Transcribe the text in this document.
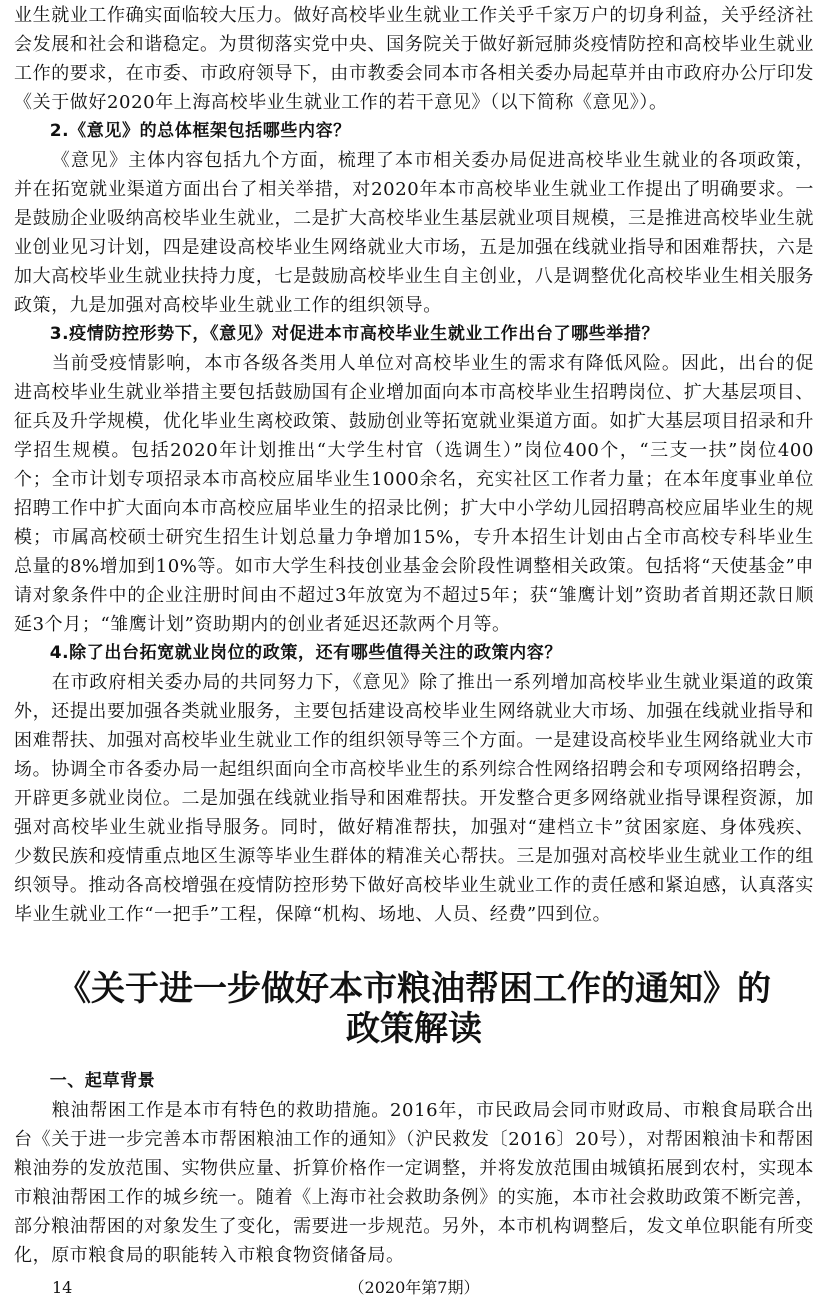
业生就业工作确实面临较大压力。做好高校毕业生就业工作关乎千家万户的切身利益，关乎经济社会发展和社会和谐稳定。为贯彻落实党中央、国务院关于做好新冠肺炎疫情防控和高校毕业生就业工作的要求，在市委、市政府领导下，由市教委会同本市各相关委办局起草并由市政府办公厅印发《关于做好2020年上海高校毕业生就业工作的若干意见》（以下简称《意见》）。

2.《意见》的总体框架包括哪些内容？

《意见》主体内容包括九个方面，梳理了本市相关委办局促进高校毕业生就业的各项政策，并在拓宽就业渠道方面出台了相关举措，对2020年本市高校毕业生就业工作提出了明确要求。一是鼓励企业吸纳高校毕业生就业，二是扩大高校毕业生基层就业项目规模，三是推进高校毕业生就业创业见习计划，四是建设高校毕业生网络就业大市场，五是加强在线就业指导和困难帮扶，六是加大高校毕业生就业扶持力度，七是鼓励高校毕业生自主创业，八是调整优化高校毕业生相关服务政策，九是加强对高校毕业生就业工作的组织领导。

3.疫情防控形势下，《意见》对促进本市高校毕业生就业工作出台了哪些举措？

当前受疫情影响，本市各级各类用人单位对高校毕业生的需求有降低风险。因此，出台的促进高校毕业生就业举措主要包括鼓励国有企业增加面向本市高校毕业生招聘岗位、扩大基层项目、征兵及升学规模，优化毕业生离校政策、鼓励创业等拓宽就业渠道方面。如扩大基层项目招录和升学招生规模。包括2020年计划推出“大学生村官（选调生）”岗位400个，“三支一扶”岗位400个；全市计划专项招录本市高校应届毕业生1000余名，充实社区工作者力量；在本年度事业单位招聘工作中扩大面向本市高校应届毕业生的招录比例；扩大中小学幼儿园招聘高校应届毕业生的规模；市属高校硕士研究生招生计划总量力争增加15%，专升本招生计划由占全市高校专科毕业生总量的8%增加到10%等。如市大学生科技创业基金会阶段性调整相关政策。包括将“天使基金”申请对象条件中的企业注册时间由不超过3年放宽为不超过5年；获“雏鹰计划”资助者首期还款日顺延3个月；“雏鹰计划”资助期内的创业者延迟还款两个月等。

4.除了出台拓宽就业岗位的政策，还有哪些值得关注的政策内容？

在市政府相关委办局的共同努力下，《意见》除了推出一系列增加高校毕业生就业渠道的政策外，还提出要加强各类就业服务，主要包括建设高校毕业生网络就业大市场、加强在线就业指导和困难帮扶、加强对高校毕业生就业工作的组织领导等三个方面。一是建设高校毕业生网络就业大市场。协调全市各委办局一起组织面向全市高校毕业生的系列综合性网络招聘会和专项网络招聘会，开辟更多就业岗位。二是加强在线就业指导和困难帮扶。开发整合更多网络就业指导课程资源，加强对高校毕业生就业指导服务。同时，做好精准帮扶，加强对“建档立卡”贫困家庭、身体残疾、少数民族和疫情重点地区生源等毕业生群体的精准关心帮扶。三是加强对高校毕业生就业工作的组织领导。推动各高校增强在疫情防控形势下做好高校毕业生就业工作的责任感和紧迫感，认真落实毕业生就业工作“一把手”工程，保障“机构、场地、人员、经费”四到位。

《关于进一步做好本市粮油帮困工作的通知》的
政策解读

一、起草背景

粮油帮困工作是本市有特色的救助措施。2016年，市民政局会同市财政局、市粮食局联合出台《关于进一步完善本市帮困粮油工作的通知》（沪民救发〔2016〕20号），对帮困粮油卡和帮困粮油券的发放范围、实物供应量、折算价格作一定调整，并将发放范围由城镇拓展到农村，实现本市粮油帮困工作的城乡统一。随着《上海市社会救助条例》的实施，本市社会救助政策不断完善，部分粮油帮困的对象发生了变化，需要进一步规范。另外，本市机构调整后，发文单位职能有所变化，原市粮食局的职能转入市粮食物资储备局。

14	（2020年第7期）
